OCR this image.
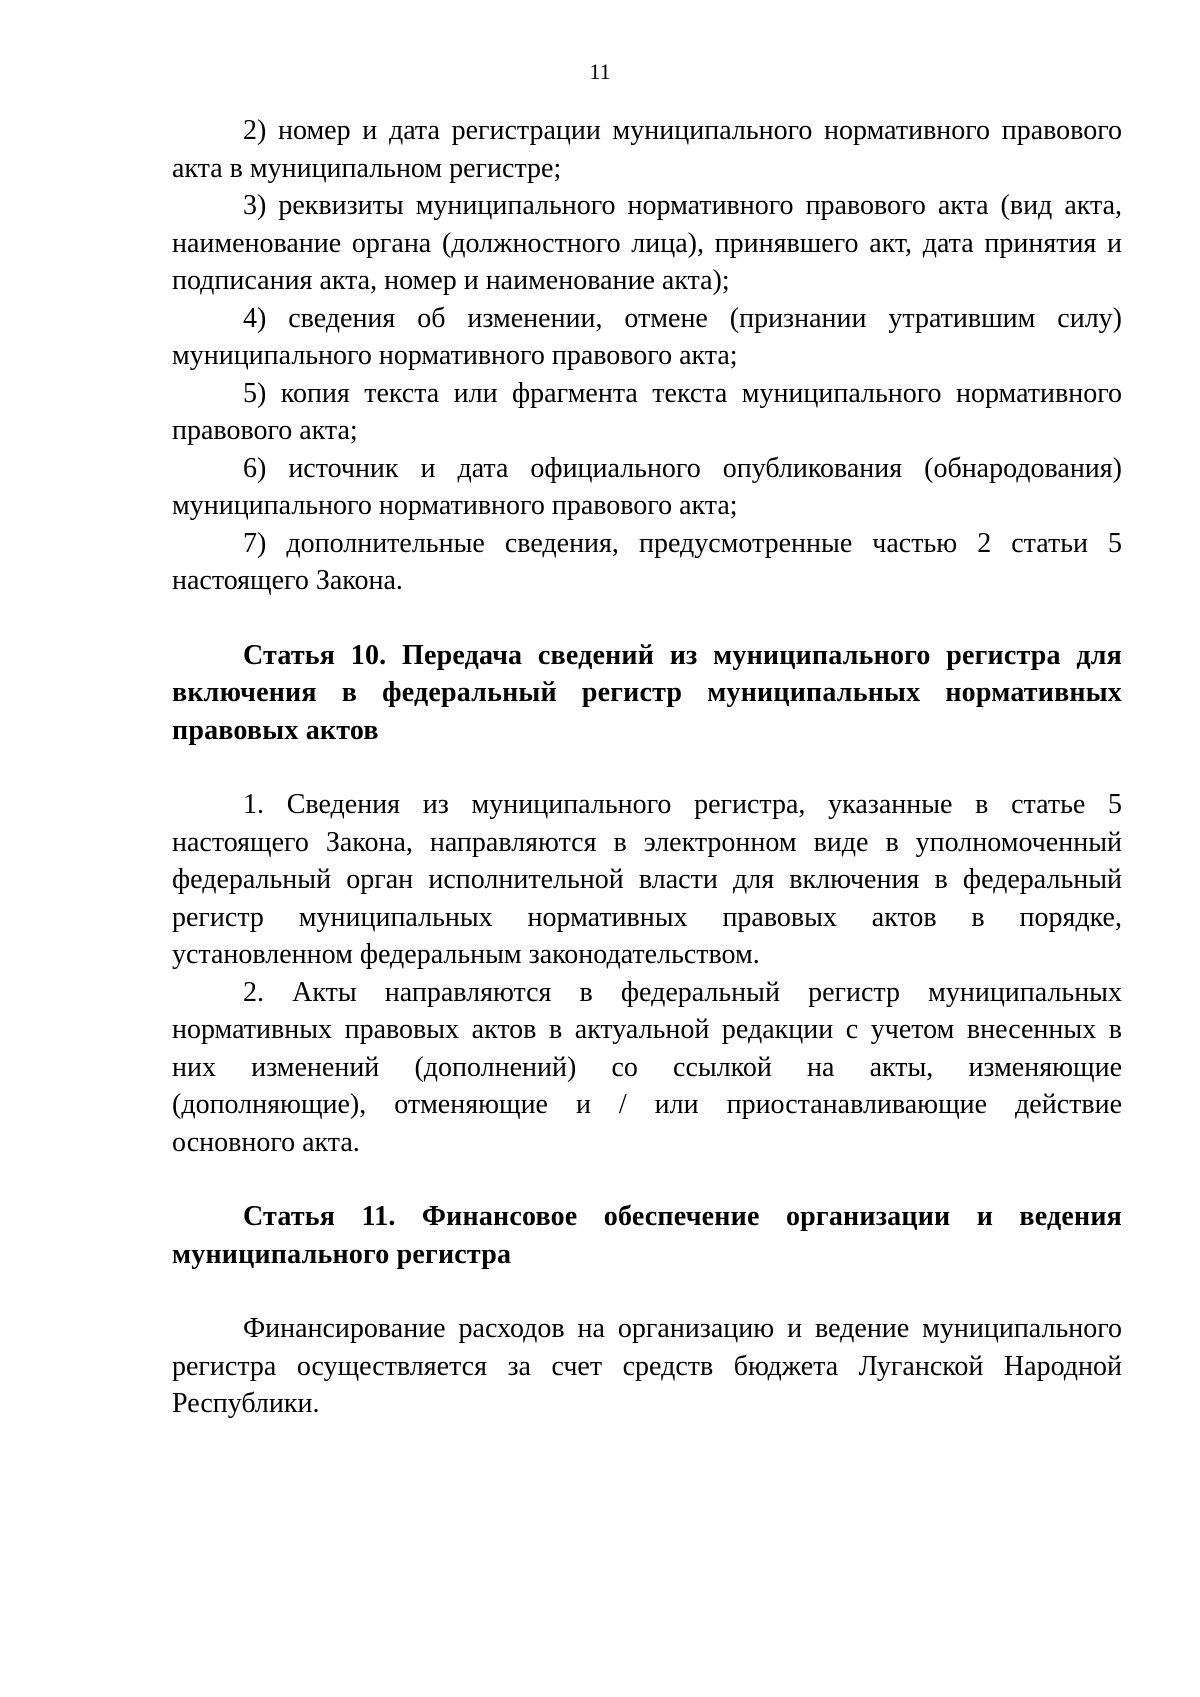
11

2) номер и дата регистрации муниципального нормативного правового акта в муниципальном регистре;

3) реквизиты муниципального нормативного правового акта (вид акта, наименование органа (должностного лица), принявшего акт, дата принятия и подписания акта, номер и наименование акта);

4) сведения об изменении, отмене (признании утратившим силу) муниципального нормативного правового акта;

5) копия текста или фрагмента текста муниципального нормативного правового акта;

6) источник и дата официального опубликования (обнародования) муниципального нормативного правового акта;

7) дополнительные сведения, предусмотренные частью 2 статьи 5 настоящего Закона.

Статья 10. Передача сведений из муниципального регистра для включения в федеральный регистр муниципальных нормативных правовых актов

1. Сведения из муниципального регистра, указанные в статье 5 настоящего Закона, направляются в электронном виде в уполномоченный федеральный орган исполнительной власти для включения в федеральный регистр муниципальных нормативных правовых актов в порядке, установленном федеральным законодательством.

2. Акты направляются в федеральный регистр муниципальных нормативных правовых актов в актуальной редакции с учетом внесенных в них изменений (дополнений) со ссылкой на акты, изменяющие (дополняющие), отменяющие и / или приостанавливающие действие основного акта.

Статья 11. Финансовое обеспечение организации и ведения муниципального регистра

Финансирование расходов на организацию и ведение муниципального регистра осуществляется за счет средств бюджета Луганской Народной Республики.
